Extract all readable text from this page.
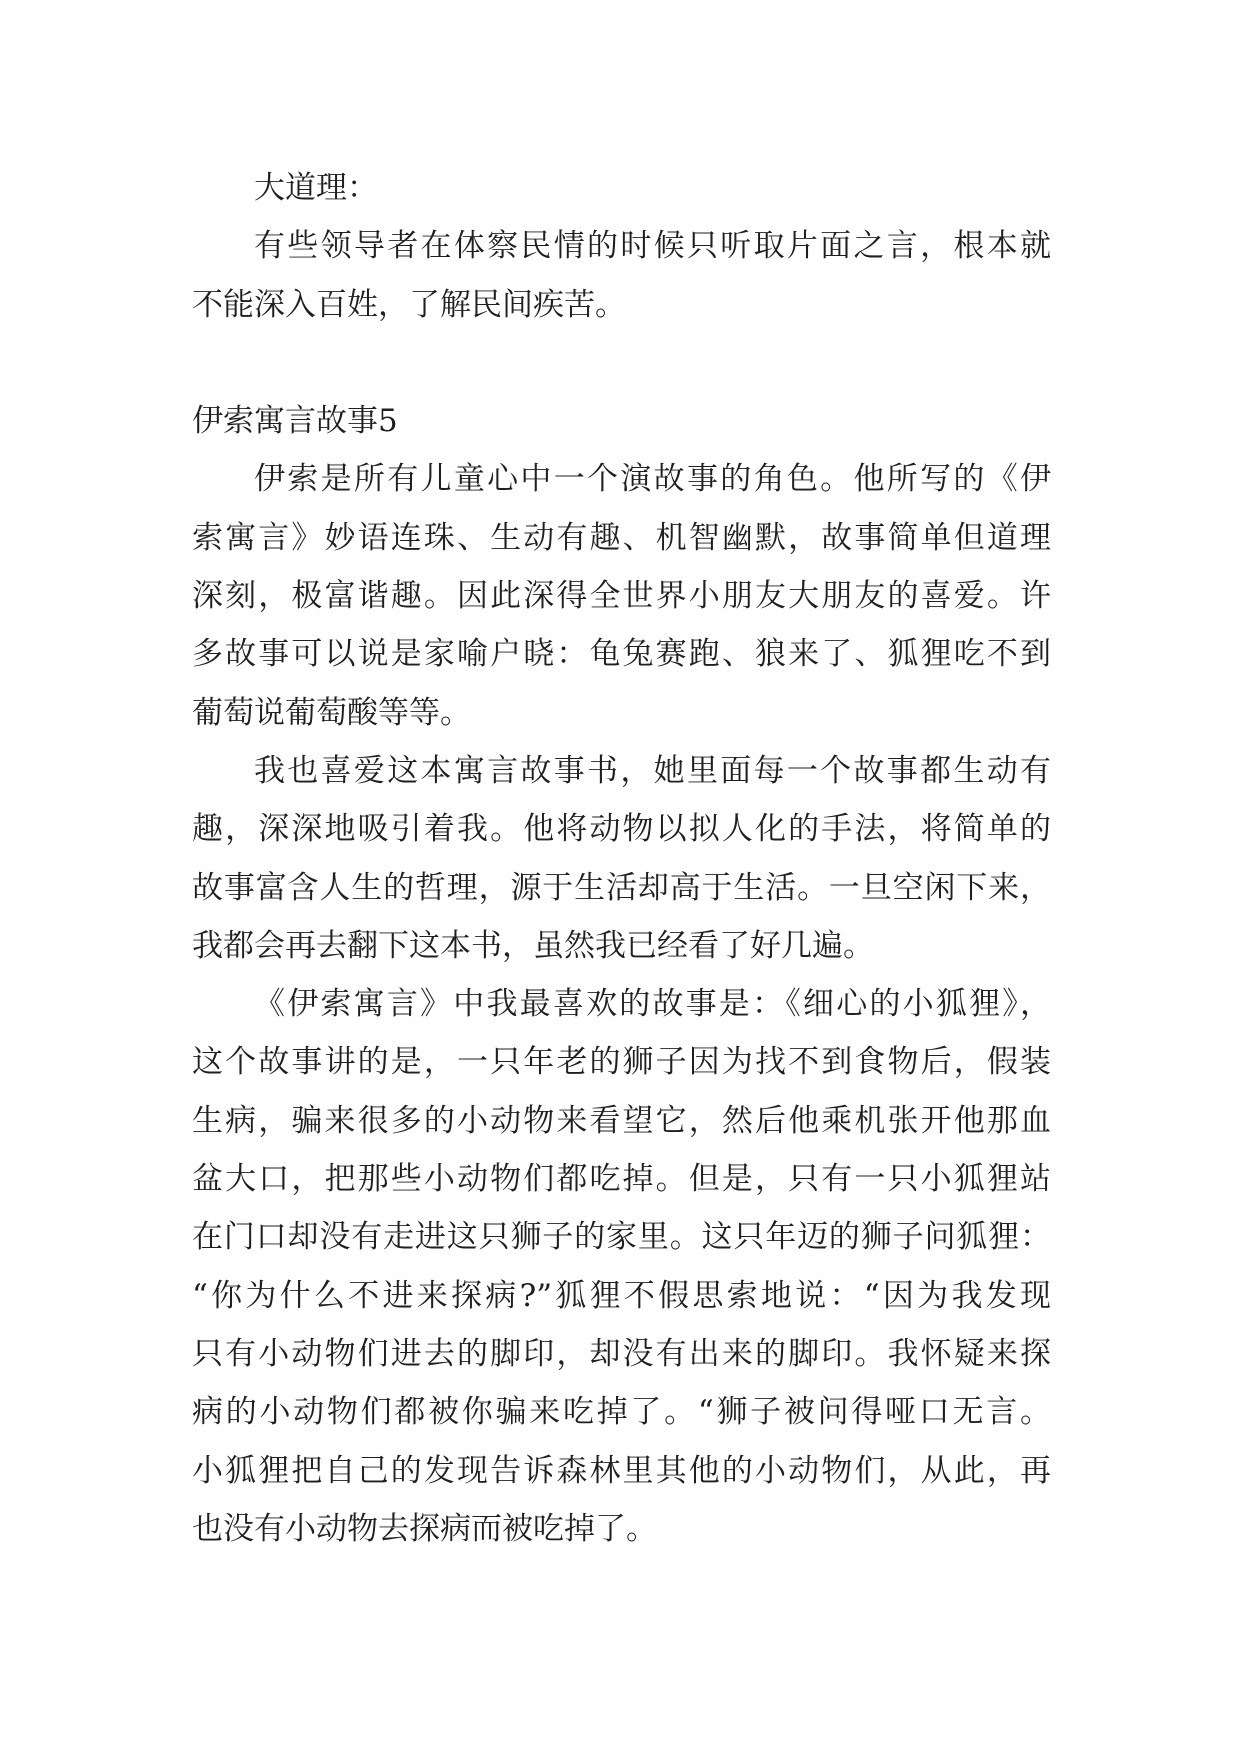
大道理：
有些领导者在体察民情的时候只听取片面之言，根本就
不能深入百姓，了解民间疾苦。
伊索寓言故事5
伊索是所有儿童心中一个演故事的角色。他所写的《伊
索寓言》妙语连珠、生动有趣、机智幽默，故事简单但道理
深刻，极富谐趣。因此深得全世界小朋友大朋友的喜爱。许
多故事可以说是家喻户晓：龟兔赛跑、狼来了、狐狸吃不到
葡萄说葡萄酸等等。
我也喜爱这本寓言故事书，她里面每一个故事都生动有
趣，深深地吸引着我。他将动物以拟人化的手法，将简单的
故事富含人生的哲理，源于生活却高于生活。一旦空闲下来，
我都会再去翻下这本书，虽然我已经看了好几遍。
《伊索寓言》中我最喜欢的故事是：《细心的小狐狸》，
这个故事讲的是，一只年老的狮子因为找不到食物后，假装
生病，骗来很多的小动物来看望它，然后他乘机张开他那血
盆大口，把那些小动物们都吃掉。但是，只有一只小狐狸站
在门口却没有走进这只狮子的家里。这只年迈的狮子问狐狸：
“你为什么不进来探病?”狐狸不假思索地说：“因为我发现
只有小动物们进去的脚印，却没有出来的脚印。我怀疑来探
病的小动物们都被你骗来吃掉了。“狮子被问得哑口无言。
小狐狸把自己的发现告诉森林里其他的小动物们，从此，再
也没有小动物去探病而被吃掉了。
